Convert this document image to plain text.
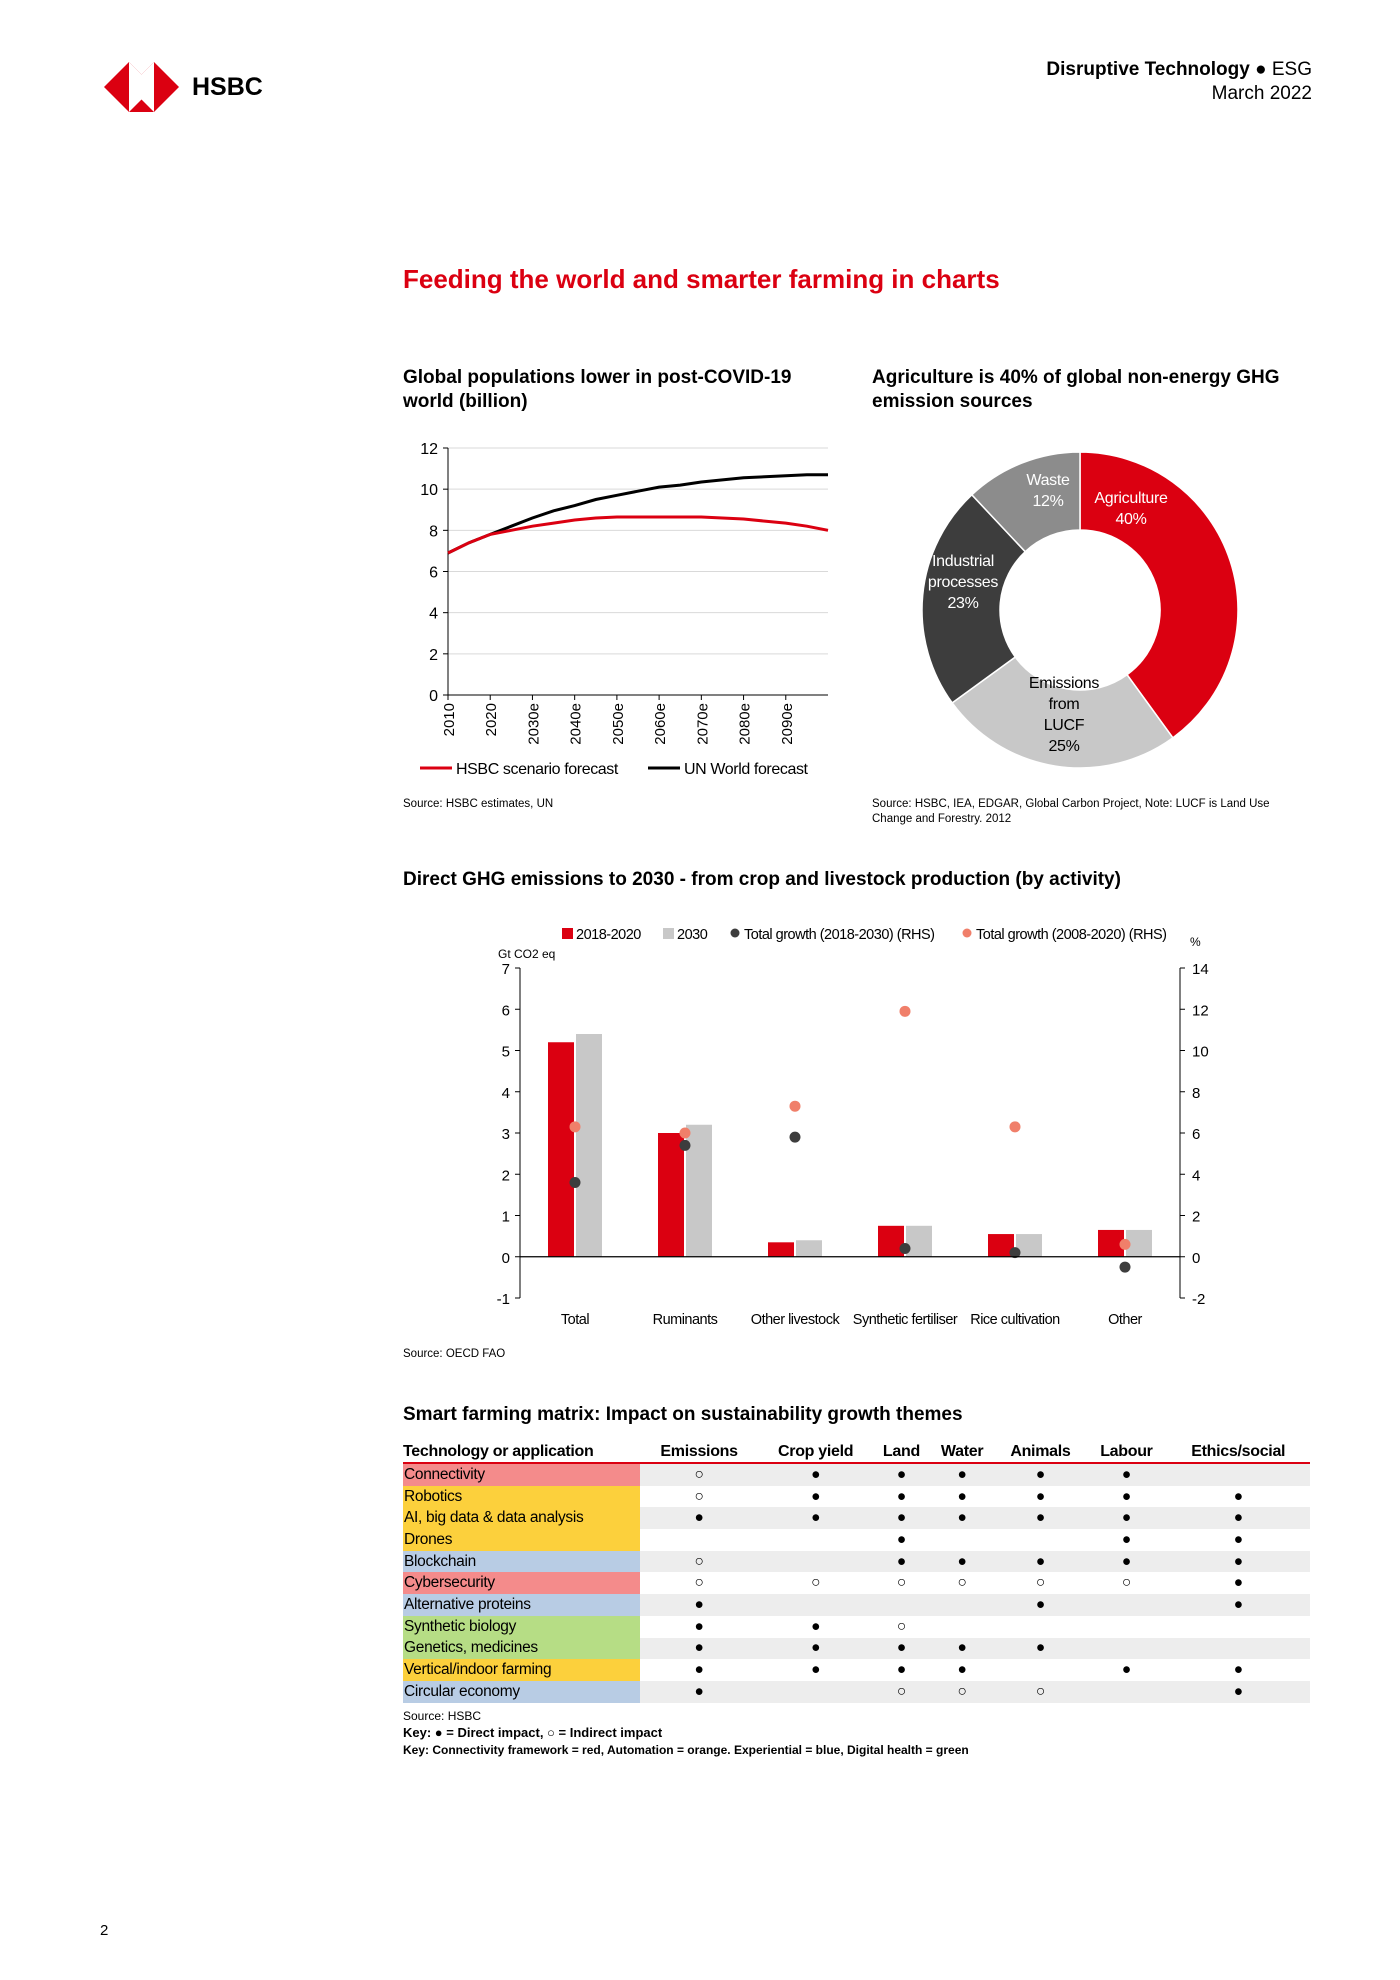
HSBC
Disruptive Technology ● ESG
March 2022
Feeding the world and smarter farming in charts
Global populations lower in post-COVID-19 world (billion)
0
2
4
6
8
10
12
2010 2020 2030e 2040e 2050e 2060e 2070e 2080e 2090e
HSBC scenario forecast	UN World forecast
Source: HSBC estimates, UN
Agriculture is 40% of global non-energy GHG emission sources
Agriculture
40%
Emissions
from
LUCF
25%
Industrial
processes
23%
Waste
12%
Source: HSBC, IEA, EDGAR, Global Carbon Project, Note: LUCF is Land Use
Change and Forestry. 2012
Direct GHG emissions to 2030 - from crop and livestock production (by activity)
-1
0
1
2
3
4
5
6
7
-2
0
2
4
6
8
10
12
14
Gt CO2 eq
%
Total	Ruminants Other livestock Synthetic fertiliser Rice cultivation	Other
2018-2020 2030	Total growth (2018-2030) (RHS)	Total growth (2008-2020) (RHS)
Source: OECD FAO
Smart farming matrix: Impact on sustainability growth themes
Technology or application	Emissions	Crop yield	Land	Water	Animals	Labour	Ethics/social
Connectivity	○	●	●	●	●	●	
Robotics	○	●	●	●	●	●	●
AI, big data & data analysis	●	●	●	●	●	●	●
Drones			●			●	●
Blockchain	○		●	●	●	●	●
Cybersecurity	○	○	○	○	○	○	●
Alternative proteins	●				●		●
Synthetic biology	●	●	○				
Genetics, medicines	●	●	●	●	●		
Vertical/indoor farming	●	●	●	●		●	●
Circular economy	●		○	○	○		●
Source: HSBC
Key: ● = Direct impact, ○ = Indirect impact
Key: Connectivity framework = red, Automation = orange. Experiential = blue, Digital health = green
2
